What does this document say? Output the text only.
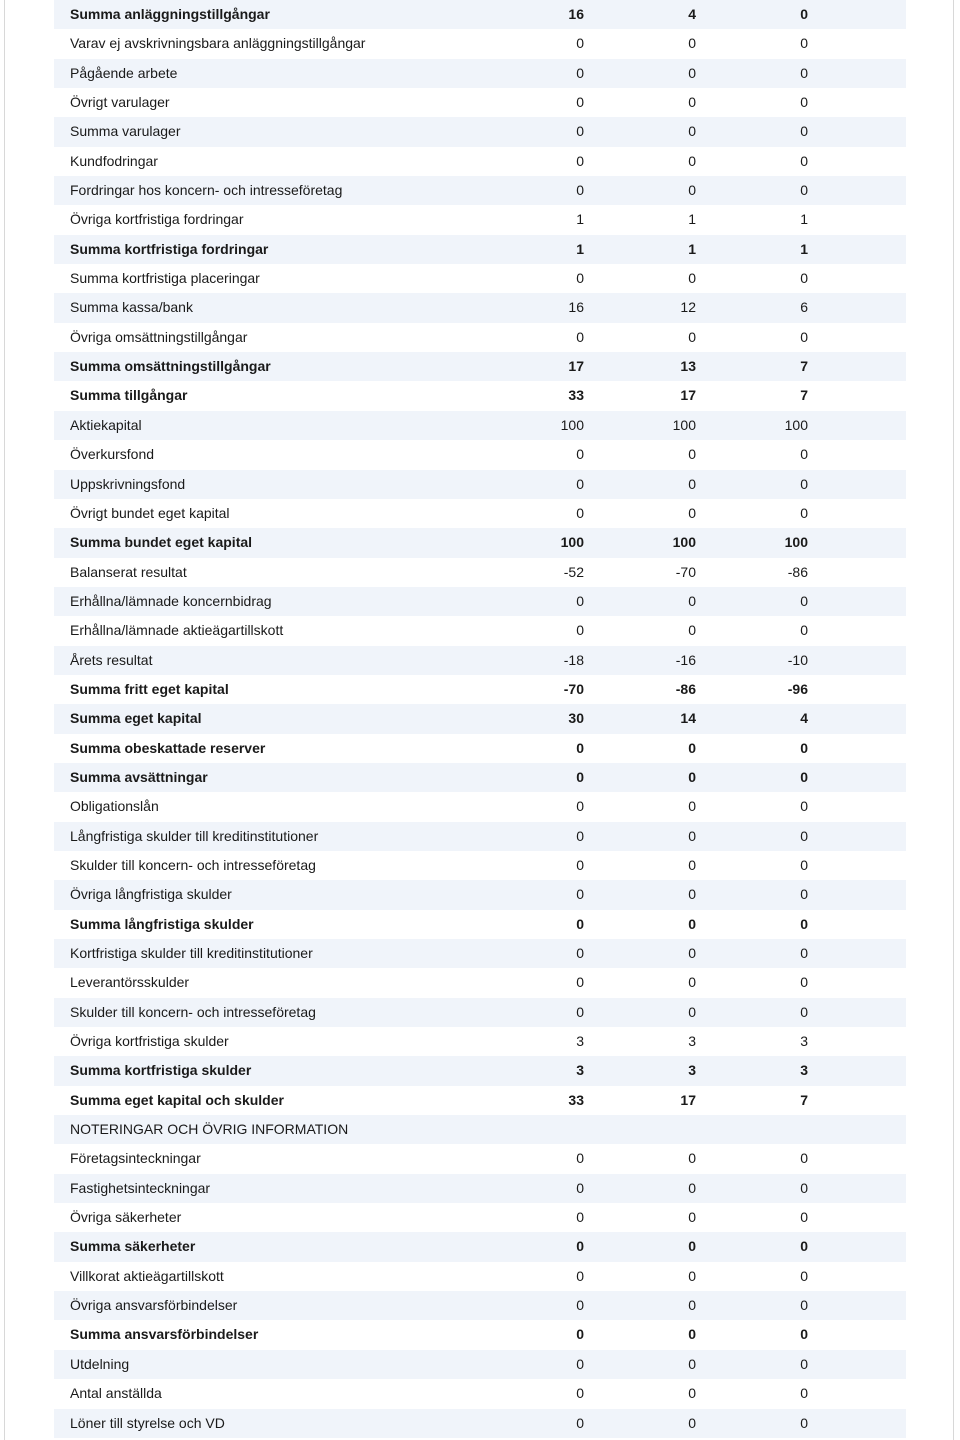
Summa anläggningstillgångar	16	4	0
Varav ej avskrivningsbara anläggningstillgångar	0	0	0
Pågående arbete	0	0	0
Övrigt varulager	0	0	0
Summa varulager	0	0	0
Kundfodringar	0	0	0
Fordringar hos koncern- och intresseföretag	0	0	0
Övriga kortfristiga fordringar	1	1	1
Summa kortfristiga fordringar	1	1	1
Summa kortfristiga placeringar	0	0	0
Summa kassa/bank	16	12	6
Övriga omsättningstillgångar	0	0	0
Summa omsättningstillgångar	17	13	7
Summa tillgångar	33	17	7
Aktiekapital	100	100	100
Överkursfond	0	0	0
Uppskrivningsfond	0	0	0
Övrigt bundet eget kapital	0	0	0
Summa bundet eget kapital	100	100	100
Balanserat resultat	-52	-70	-86
Erhållna/lämnade koncernbidrag	0	0	0
Erhållna/lämnade aktieägartillskott	0	0	0
Årets resultat	-18	-16	-10
Summa fritt eget kapital	-70	-86	-96
Summa eget kapital	30	14	4
Summa obeskattade reserver	0	0	0
Summa avsättningar	0	0	0
Obligationslån	0	0	0
Långfristiga skulder till kreditinstitutioner	0	0	0
Skulder till koncern- och intresseföretag	0	0	0
Övriga långfristiga skulder	0	0	0
Summa långfristiga skulder	0	0	0
Kortfristiga skulder till kreditinstitutioner	0	0	0
Leverantörsskulder	0	0	0
Skulder till koncern- och intresseföretag	0	0	0
Övriga kortfristiga skulder	3	3	3
Summa kortfristiga skulder	3	3	3
Summa eget kapital och skulder	33	17	7
NOTERINGAR OCH ÖVRIG INFORMATION
Företagsinteckningar	0	0	0
Fastighetsinteckningar	0	0	0
Övriga säkerheter	0	0	0
Summa säkerheter	0	0	0
Villkorat aktieägartillskott	0	0	0
Övriga ansvarsförbindelser	0	0	0
Summa ansvarsförbindelser	0	0	0
Utdelning	0	0	0
Antal anställda	0	0	0
Löner till styrelse och VD	0	0	0
